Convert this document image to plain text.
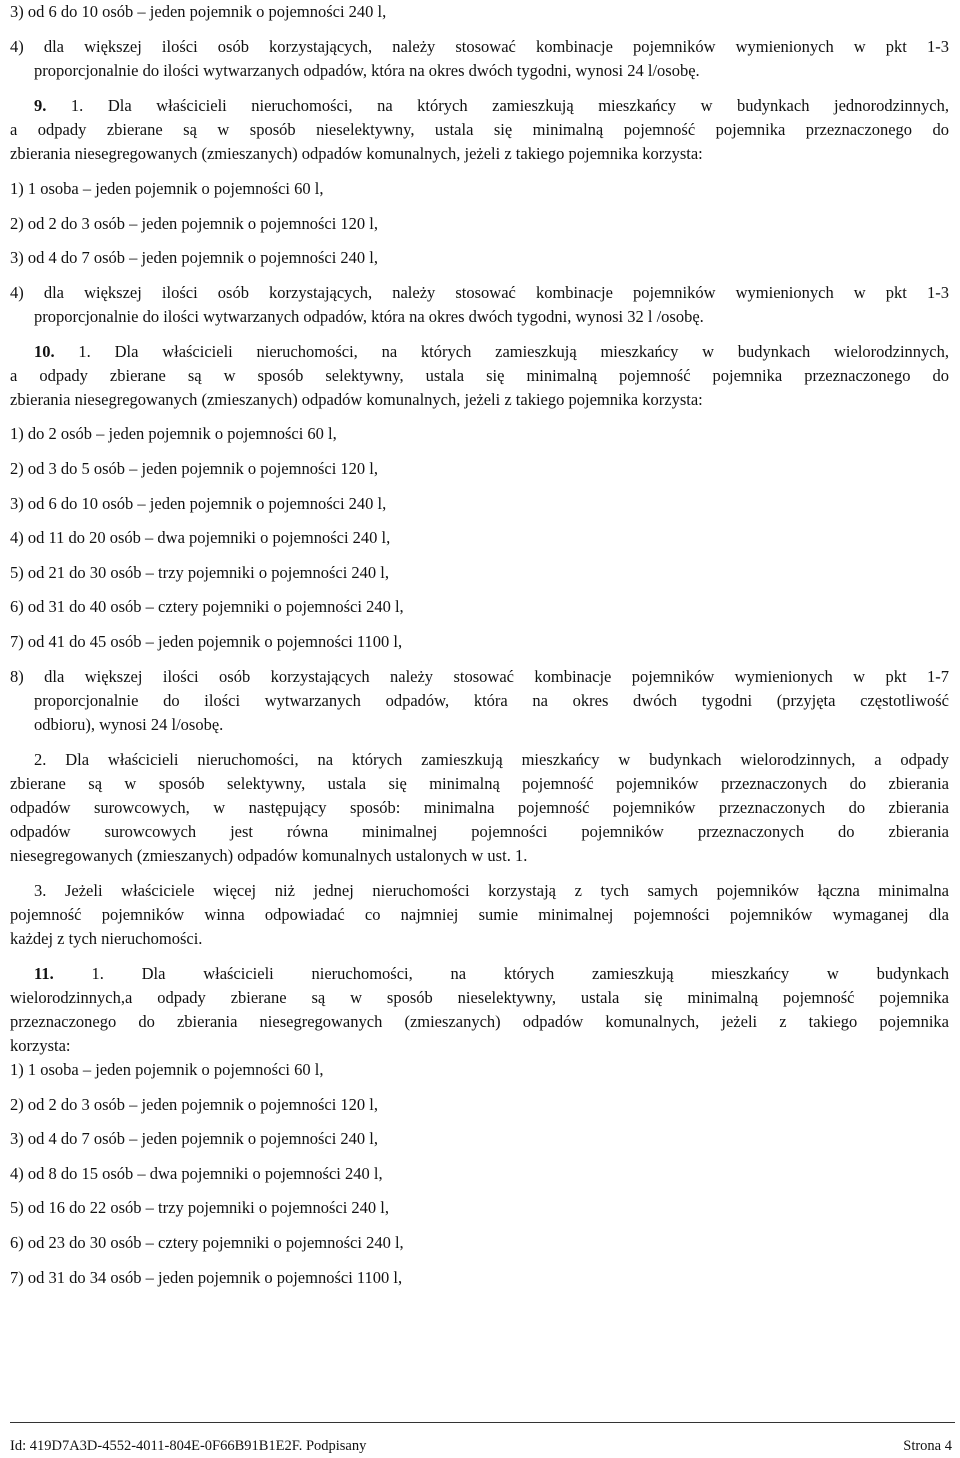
3) od 6 do 10 osób – jeden pojemnik o pojemności 240 l,
4) dla większej ilości osób korzystających, należy stosować kombinacje pojemników wymienionych w pkt 1-3
proporcjonalnie do ilości wytwarzanych odpadów, która na okres dwóch tygodni, wynosi 24 l/osobę.
9. 1. Dla właścicieli nieruchomości, na których zamieszkują mieszkańcy w budynkach jednorodzinnych,
a odpady zbierane są w sposób nieselektywny, ustala się minimalną pojemność pojemnika przeznaczonego do
zbierania niesegregowanych (zmieszanych) odpadów komunalnych, jeżeli z takiego pojemnika korzysta:
1) 1 osoba – jeden pojemnik o pojemności 60 l,
2) od 2 do 3 osób – jeden pojemnik o pojemności 120 l,
3) od 4 do 7 osób – jeden pojemnik o pojemności 240 l,
4) dla większej ilości osób korzystających, należy stosować kombinacje pojemników wymienionych w pkt 1-3
proporcjonalnie do ilości wytwarzanych odpadów, która na okres dwóch tygodni, wynosi 32 l /osobę.
10. 1. Dla właścicieli nieruchomości, na których zamieszkują mieszkańcy w budynkach wielorodzinnych,
a odpady zbierane są w sposób selektywny, ustala się minimalną pojemność pojemnika przeznaczonego do
zbierania niesegregowanych (zmieszanych) odpadów komunalnych, jeżeli z takiego pojemnika korzysta:
1) do 2 osób – jeden pojemnik o pojemności 60 l,
2) od 3 do 5 osób – jeden pojemnik o pojemności 120 l,
3) od 6 do 10 osób – jeden pojemnik o pojemności 240 l,
4) od 11 do 20 osób – dwa pojemniki o pojemności 240 l,
5) od 21 do 30 osób – trzy pojemniki o pojemności 240 l,
6) od 31 do 40 osób – cztery pojemniki o pojemności 240 l,
7) od 41 do 45 osób – jeden pojemnik o pojemności 1100 l,
8) dla większej ilości osób korzystających należy stosować kombinacje pojemników wymienionych w pkt 1-7
proporcjonalnie do ilości wytwarzanych odpadów, która na okres dwóch tygodni (przyjęta częstotliwość
odbioru), wynosi 24 l/osobę.
2. Dla właścicieli nieruchomości, na których zamieszkują mieszkańcy w budynkach wielorodzinnych, a odpady
zbierane są w sposób selektywny, ustala się minimalną pojemność pojemników przeznaczonych do zbierania
odpadów surowcowych, w następujący sposób: minimalna pojemność pojemników przeznaczonych do zbierania
odpadów surowcowych jest równa minimalnej pojemności pojemników przeznaczonych do zbierania
niesegregowanych (zmieszanych) odpadów komunalnych ustalonych w ust. 1.
3. Jeżeli właściciele więcej niż jednej nieruchomości korzystają z tych samych pojemników łączna minimalna
pojemność pojemników winna odpowiadać co najmniej sumie minimalnej pojemności pojemników wymaganej dla
każdej z tych nieruchomości.
11. 1. Dla właścicieli nieruchomości, na których zamieszkują mieszkańcy w budynkach
wielorodzinnych,a odpady zbierane są w sposób nieselektywny, ustala się minimalną pojemność pojemnika
przeznaczonego do zbierania niesegregowanych (zmieszanych) odpadów komunalnych, jeżeli z takiego pojemnika
korzysta:
1) 1 osoba – jeden pojemnik o pojemności 60 l,
2) od 2 do 3 osób – jeden pojemnik o pojemności 120 l,
3) od 4 do 7 osób – jeden pojemnik o pojemności 240 l,
4) od 8 do 15 osób – dwa pojemniki o pojemności 240 l,
5) od 16 do 22 osób – trzy pojemniki o pojemności 240 l,
6) od 23 do 30 osób – cztery pojemniki o pojemności 240 l,
7) od 31 do 34 osób – jeden pojemnik o pojemności 1100 l,
Id: 419D7A3D-4552-4011-804E-0F66B91B1E2F. Podpisany	Strona 4
